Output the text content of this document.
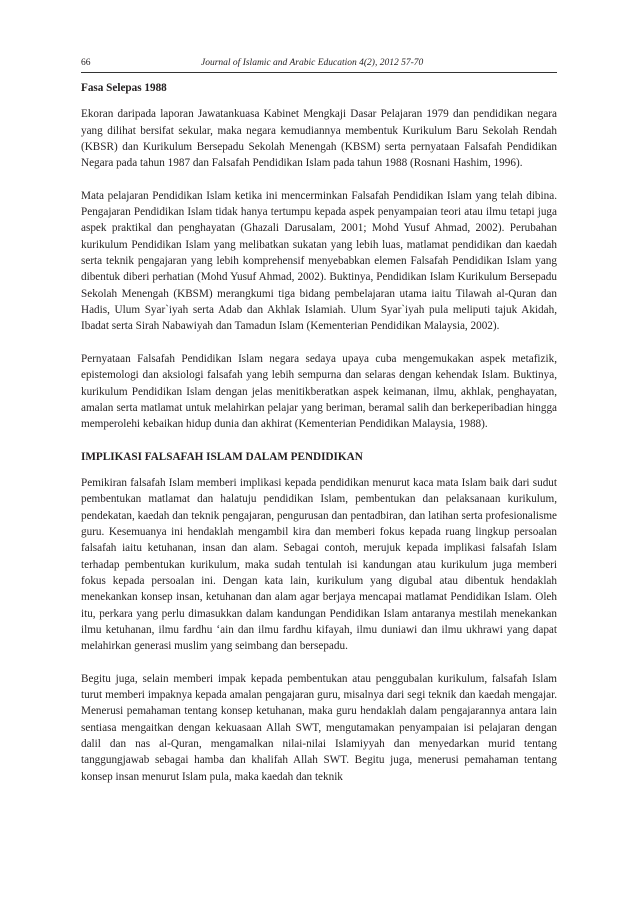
66	Journal of Islamic and Arabic Education 4(2), 2012 57-70
Fasa Selepas 1988

Ekoran daripada laporan Jawatankuasa Kabinet Mengkaji Dasar Pelajaran 1979 dan pendidikan negara yang dilihat bersifat sekular, maka negara kemudiannya membentuk Kurikulum Baru Sekolah Rendah (KBSR) dan Kurikulum Bersepadu Sekolah Menengah (KBSM) serta pernyataan Falsafah Pendidikan Negara pada tahun 1987 dan Falsafah Pendidikan Islam pada tahun 1988 (Rosnani Hashim, 1996).

Mata pelajaran Pendidikan Islam ketika ini mencerminkan Falsafah Pendidikan Islam yang telah dibina. Pengajaran Pendidikan Islam tidak hanya tertumpu kepada aspek penyampaian teori atau ilmu tetapi juga aspek praktikal dan penghayatan (Ghazali Darusalam, 2001; Mohd Yusuf Ahmad, 2002). Perubahan kurikulum Pendidikan Islam yang melibatkan sukatan yang lebih luas, matlamat pendidikan dan kaedah serta teknik pengajaran yang lebih komprehensif menyebabkan elemen Falsafah Pendidikan Islam yang dibentuk diberi perhatian (Mohd Yusuf Ahmad, 2002). Buktinya, Pendidikan Islam Kurikulum Bersepadu Sekolah Menengah (KBSM) merangkumi tiga bidang pembelajaran utama iaitu Tilawah al-Quran dan Hadis, Ulum Syar`iyah serta Adab dan Akhlak Islamiah. Ulum Syar`iyah pula meliputi tajuk Akidah, Ibadat serta Sirah Nabawiyah dan Tamadun Islam (Kementerian Pendidikan Malaysia, 2002).

Pernyataan Falsafah Pendidikan Islam negara sedaya upaya cuba mengemukakan aspek metafizik, epistemologi dan aksiologi falsafah yang lebih sempurna dan selaras dengan kehendak Islam. Buktinya, kurikulum Pendidikan Islam dengan jelas menitikberatkan aspek keimanan, ilmu, akhlak, penghayatan, amalan serta matlamat untuk melahirkan pelajar yang beriman, beramal salih dan berkeperibadian hingga memperolehi kebaikan hidup dunia dan akhirat (Kementerian Pendidikan Malaysia, 1988).

IMPLIKASI FALSAFAH ISLAM DALAM PENDIDIKAN

Pemikiran falsafah Islam memberi implikasi kepada pendidikan menurut kaca mata Islam baik dari sudut pembentukan matlamat dan halatuju pendidikan Islam, pembentukan dan pelaksanaan kurikulum, pendekatan, kaedah dan teknik pengajaran, pengurusan dan pentadbiran, dan latihan serta profesionalisme guru. Kesemuanya ini hendaklah mengambil kira dan memberi fokus kepada ruang lingkup persoalan falsafah iaitu ketuhanan, insan dan alam. Sebagai contoh, merujuk kepada implikasi falsafah Islam terhadap pembentukan kurikulum, maka sudah tentulah isi kandungan atau kurikulum juga memberi fokus kepada persoalan ini. Dengan kata lain, kurikulum yang digubal atau dibentuk hendaklah menekankan konsep insan, ketuhanan dan alam agar berjaya mencapai matlamat Pendidikan Islam. Oleh itu, perkara yang perlu dimasukkan dalam kandungan Pendidikan Islam antaranya mestilah menekankan ilmu ketuhanan, ilmu fardhu ‘ain dan ilmu fardhu kifayah, ilmu duniawi dan ilmu ukhrawi yang dapat melahirkan generasi muslim yang seimbang dan bersepadu.

Begitu juga, selain memberi impak kepada pembentukan atau penggubalan kurikulum, falsafah Islam turut memberi impaknya kepada amalan pengajaran guru, misalnya dari segi teknik dan kaedah mengajar. Menerusi pemahaman tentang konsep ketuhanan, maka guru hendaklah dalam pengajarannya antara lain sentiasa mengaitkan dengan kekuasaan Allah SWT, mengutamakan penyampaian isi pelajaran dengan dalil dan nas al-Quran, mengamalkan nilai-nilai Islamiyyah dan menyedarkan murid tentang tanggungjawab sebagai hamba dan khalifah Allah SWT. Begitu juga, menerusi pemahaman tentang konsep insan menurut Islam pula, maka kaedah dan teknik
